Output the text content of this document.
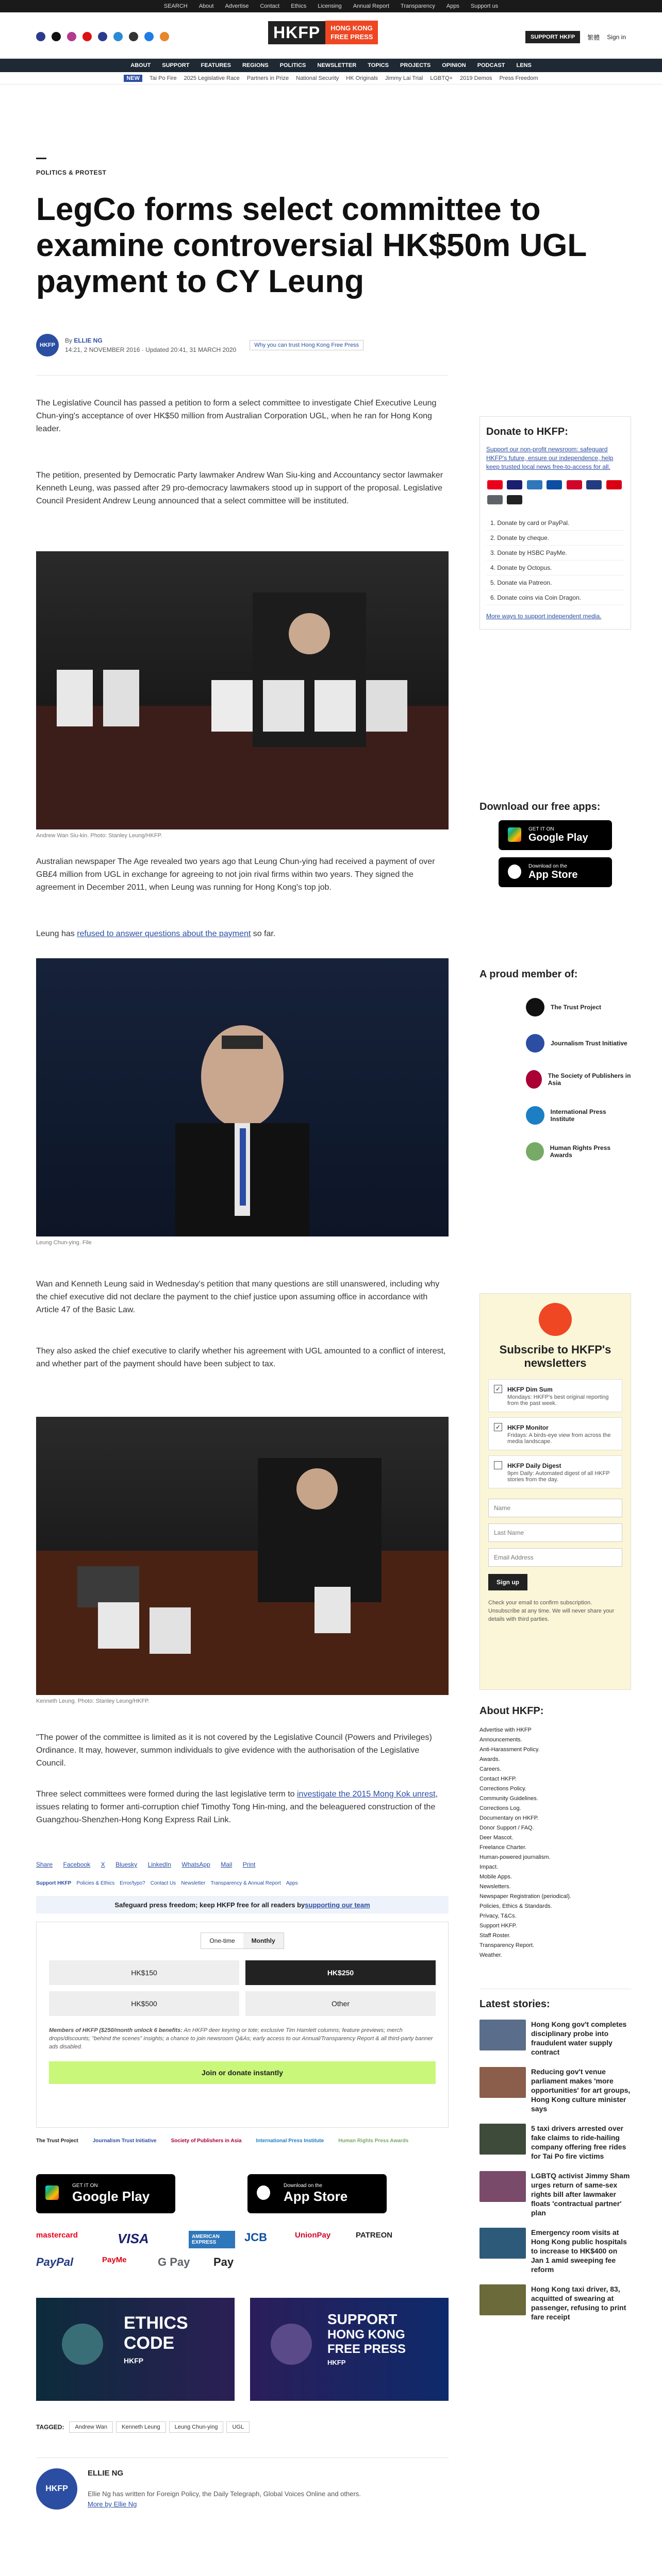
SEARCH About Advertise Contact Ethics Licensing Annual Report Transparency Apps Support us
HKFP	HONG KONG
FREE PRESS	SUPPORT HKFP	繁體 Sign in
ABOUT SUPPORT FEATURES REGIONS POLITICS NEWSLETTER TOPICS PROJECTS OPINION PODCAST LENS
NEW	Tai Po Fire 2025 Legislative Race Partners in Prize National Security HK Originals Jimmy Lai Trial LGBTQ+ 2019 Demos Press Freedom
POLITICS & PROTEST
LegCo forms select committee to examine controversial HK$50m UGL payment to CY Leung
HKFP
By ELLIE NG
14:21, 2 NOVEMBER 2016 · Updated 20:41, 31 MARCH 2020
Why you can trust Hong Kong Free Press

The Legislative Council has passed a petition to form a select committee to investigate Chief Executive Leung Chun-ying's acceptance of over HK$50 million from Australian Corporation UGL, when he ran for Hong Kong leader.

The petition, presented by Democratic Party lawmaker Andrew Wan Siu-king and Accountancy sector lawmaker Kenneth Leung, was passed after 29 pro-democracy lawmakers stood up in support of the proposal. Legislative Council President Andrew Leung announced that a select committee will be instituted.

Andrew Wan Siu-kin. Photo: Stanley Leung/HKFP.

Australian newspaper The Age revealed two years ago that Leung Chun-ying had received a payment of over GB£4 million from UGL in exchange for agreeing to not join rival firms within two years. They signed the agreement in December 2011, when Leung was running for Hong Kong's top job.

Leung has refused to answer questions about the payment so far.

Leung Chun-ying. File

Wan and Kenneth Leung said in Wednesday's petition that many questions are still unanswered, including why the chief executive did not declare the payment to the chief justice upon assuming office in accordance with Article 47 of the Basic Law.

They also asked the chief executive to clarify whether his agreement with UGL amounted to a conflict of interest, and whether part of the payment should have been subject to tax.

Kenneth Leung. Photo: Stanley Leung/HKFP.

"The power of the committee is limited as it is not covered by the Legislative Council (Powers and Privileges) Ordinance. It may, however, summon individuals to give evidence with the authorisation of the Legislative Council.

Three select committees were formed during the last legislative term to investigate the 2015 Mong Kok unrest, issues relating to former anti-corruption chief Timothy Tong Hin-ming, and the beleaguered construction of the Guangzhou-Shenzhen-Hong Kong Express Rail Link.

Share Facebook X Bluesky LinkedIn WhatsApp Mail Print
Support HKFP Policies & Ethics Error/typo? Contact Us Newsletter Transparency & Annual Report Apps
Safeguard press freedom; keep HKFP free for all readers by supporting our team
One-time	Monthly
HK$150	HK$250
HK$500	Other

Members of HKFP ($250/month unlock 6 benefits: An HKFP deer keyring or tote; exclusive Tim Hamlett columns; feature previews; merch drops/discounts; "behind the scenes" insights; a chance to join newsroom Q&As; early access to our Annual/Transparency Report & all third-party banner ads disabled.

Join or donate instantly
The Trust Project	Journalism Trust Initiative	Society of Publishers in Asia	International Press Institute	Human Rights Press Awards
GET IT ON
Google Play
Download on the
App Store
mastercard	VISA	AMERICAN EXPRESS	JCB	UnionPay	PATREON
PayPal	PayMe	G Pay	Pay
ETHICS
CODE
HKFP
SUPPORT
HONG KONG
FREE PRESS
HKFP
TAGGED:	Andrew Wan	Kenneth Leung	Leung Chun-ying	UGL
HKFP
ELLIE NG
Ellie Ng has written for Foreign Policy, the Daily Telegraph, Global Voices Online and others.
More by Ellie Ng
Donate to HKFP:

Support our non-profit newsroom: safeguard HKFP's future, ensure our independence, help keep trusted local news free-to-access for all.

1. Donate by card or PayPal.
2. Donate by cheque.
3. Donate by HSBC PayMe.
4. Donate by Octopus.
5. Donate via Patreon.
6. Donate coins via Coin Dragon.
More ways to support independent media.
Download our free apps:
GET IT ON
Google Play
Download on the
App Store
A proud member of:
The Trust Project
Journalism Trust Initiative
The Society of Publishers in Asia
International Press Institute
Human Rights Press Awards
Subscribe to HKFP's newsletters
✓ HKFP Dim Sum
Mondays: HKFP's best original reporting from the past week.
✓ HKFP Monitor
Fridays: A birds-eye view from across the media landscape.
HKFP Daily Digest
9pm Daily: Automated digest of all HKFP stories from the day.
Name
Last Name
Email Address
Sign up

Check your email to confirm subscription. Unsubscribe at any time. We will never share your details with third parties.

About HKFP:
Advertise with HKFP
Announcements.
Anti-Harassment Policy.
Awards.
Careers.
Contact HKFP.
Corrections Policy.
Community Guidelines.
Corrections Log.
Documentary on HKFP.
Donor Support / FAQ.
Deer Mascot.
Freelance Charter.
Human-powered journalism.
Impact.
Mobile Apps.
Newsletters.
Newspaper Registration (periodical).
Policies, Ethics & Standards.
Privacy, T&Cs.
Support HKFP.
Staff Roster.
Transparency Report.
Weather.
Latest stories:
Hong Kong gov't completes disciplinary probe into fraudulent water supply contract
Reducing gov't venue parliament makes 'more opportunities' for art groups, Hong Kong culture minister says
5 taxi drivers arrested over fake claims to ride-hailing company offering free rides for Tai Po fire victims
LGBTQ activist Jimmy Sham urges return of same-sex rights bill after lawmaker floats 'contractual partner' plan
Emergency room visits at Hong Kong public hospitals to increase to HK$400 on Jan 1 amid sweeping fee reform
Hong Kong taxi driver, 83, acquitted of swearing at passenger, refusing to print fare receipt
